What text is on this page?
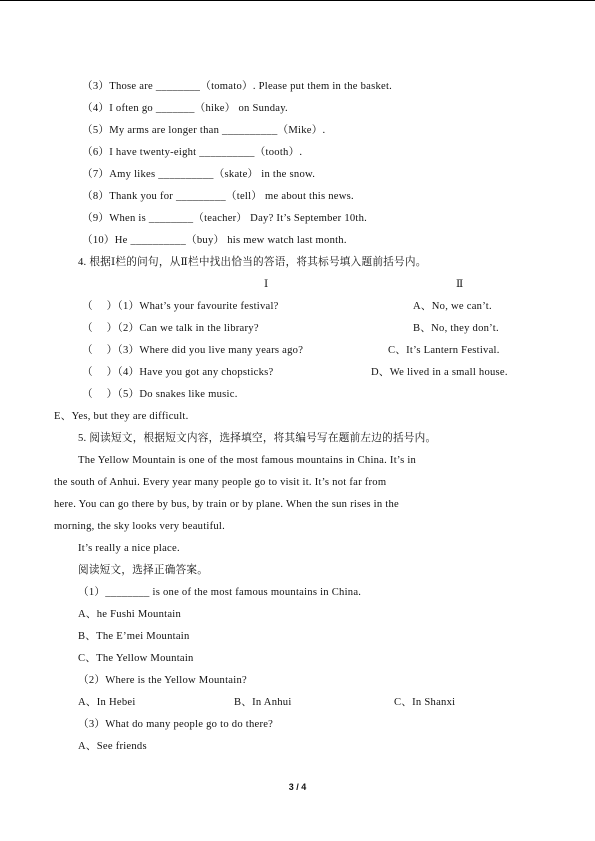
（3）Those are ________（tomato）. Please put them in the basket.
（4）I often go _______（hike） on Sunday.
（5）My arms are longer than __________（Mike）.
（6）I have twenty-eight __________（tooth）.
（7）Amy likes __________（skate） in the snow.
（8）Thank you for _________（tell） me about this news.
（9）When is ________（teacher） Day? It’s September 10th.
（10）He __________（buy） his mew watch last month.
4. 根据Ⅰ栏的问句，从Ⅱ栏中找出恰当的答语，将其标号填入题前括号内。
Ⅰ	Ⅱ
（　 ）（1）What’s your favourite festival?	A、No, we can’t.
（　 ）（2）Can we talk in the library?	B、No, they don’t.
（　 ）（3）Where did you live many years ago?	C、It’s Lantern Festival.
（　 ）（4）Have you got any chopsticks?	D、We lived in a small house.
（　 ）（5）Do snakes like music.
E、Yes, but they are difficult.
5. 阅读短文，根据短文内容，选择填空，将其编号写在题前左边的括号内。
The Yellow Mountain is one of the most famous mountains in China. It’s in
the south of Anhui. Every year many people go to visit it. It’s not far from
here. You can go there by bus, by train or by plane. When the sun rises in the
morning, the sky looks very beautiful.
It’s really a nice place.
阅读短文，选择正确答案。
（1）________ is one of the most famous mountains in China.
A、he Fushi Mountain
B、The E’mei Mountain
C、The Yellow Mountain
（2）Where is the Yellow Mountain?
A、In Hebei	B、In Anhui	C、In Shanxi
（3）What do many people go to do there?
A、See friends
3 / 4
